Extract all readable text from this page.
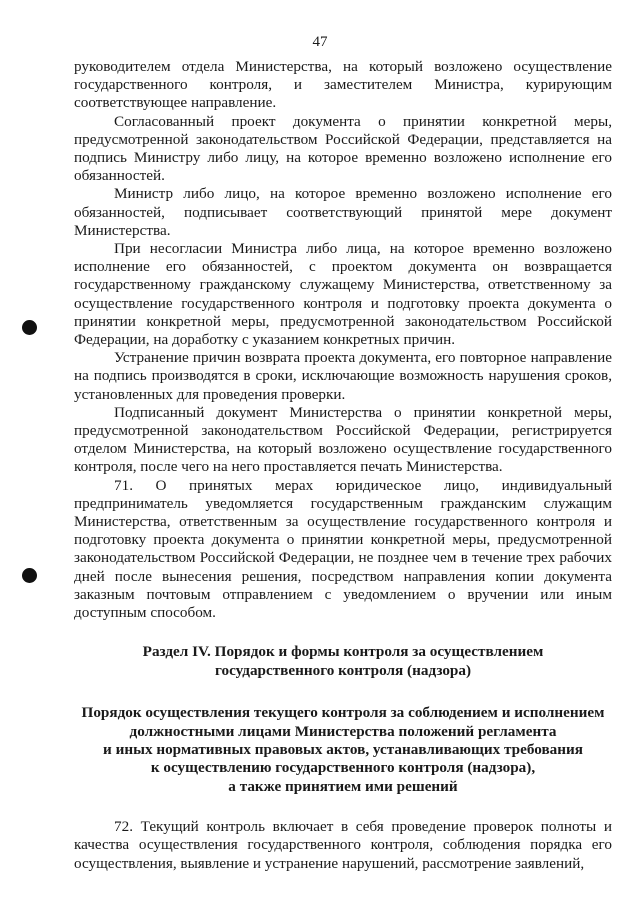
47

руководителем отдела Министерства, на который возложено осуществление государственного контроля, и заместителем Министра, курирующим соответствующее направление.

Согласованный проект документа о принятии конкретной меры, предусмотренной законодательством Российской Федерации, представляется на подпись Министру либо лицу, на которое временно возложено исполнение его обязанностей.

Министр либо лицо, на которое временно возложено исполнение его обязанностей, подписывает соответствующий принятой мере документ Министерства.

При несогласии Министра либо лица, на которое временно возложено исполнение его обязанностей, с проектом документа он возвращается государственному гражданскому служащему Министерства, ответственному за осуществление государственного контроля и подготовку проекта документа о принятии конкретной меры, предусмотренной законодательством Российской Федерации, на доработку с указанием конкретных причин.

Устранение причин возврата проекта документа, его повторное направление на подпись производятся в сроки, исключающие возможность нарушения сроков, установленных для проведения проверки.

Подписанный документ Министерства о принятии конкретной меры, предусмотренной законодательством Российской Федерации, регистрируется отделом Министерства, на который возложено осуществление государственного контроля, после чего на него проставляется печать Министерства.

71. О принятых мерах юридическое лицо, индивидуальный предприниматель уведомляется государственным гражданским служащим Министерства, ответственным за осуществление государственного контроля и подготовку проекта документа о принятии конкретной меры, предусмотренной законодательством Российской Федерации, не позднее чем в течение трех рабочих дней после вынесения решения, посредством направления копии документа заказным почтовым отправлением с уведомлением о вручении или иным доступным способом.

Раздел IV. Порядок и формы контроля за осуществлением
государственного контроля (надзора)
Порядок осуществления текущего контроля за соблюдением и исполнением
должностными лицами Министерства положений регламента
и иных нормативных правовых актов, устанавливающих требования
к осуществлению государственного контроля (надзора),
а также принятием ими решений

72. Текущий контроль включает в себя проведение проверок полноты и качества осуществления государственного контроля, соблюдения порядка его осуществления, выявление и устранение нарушений, рассмотрение заявлений,
